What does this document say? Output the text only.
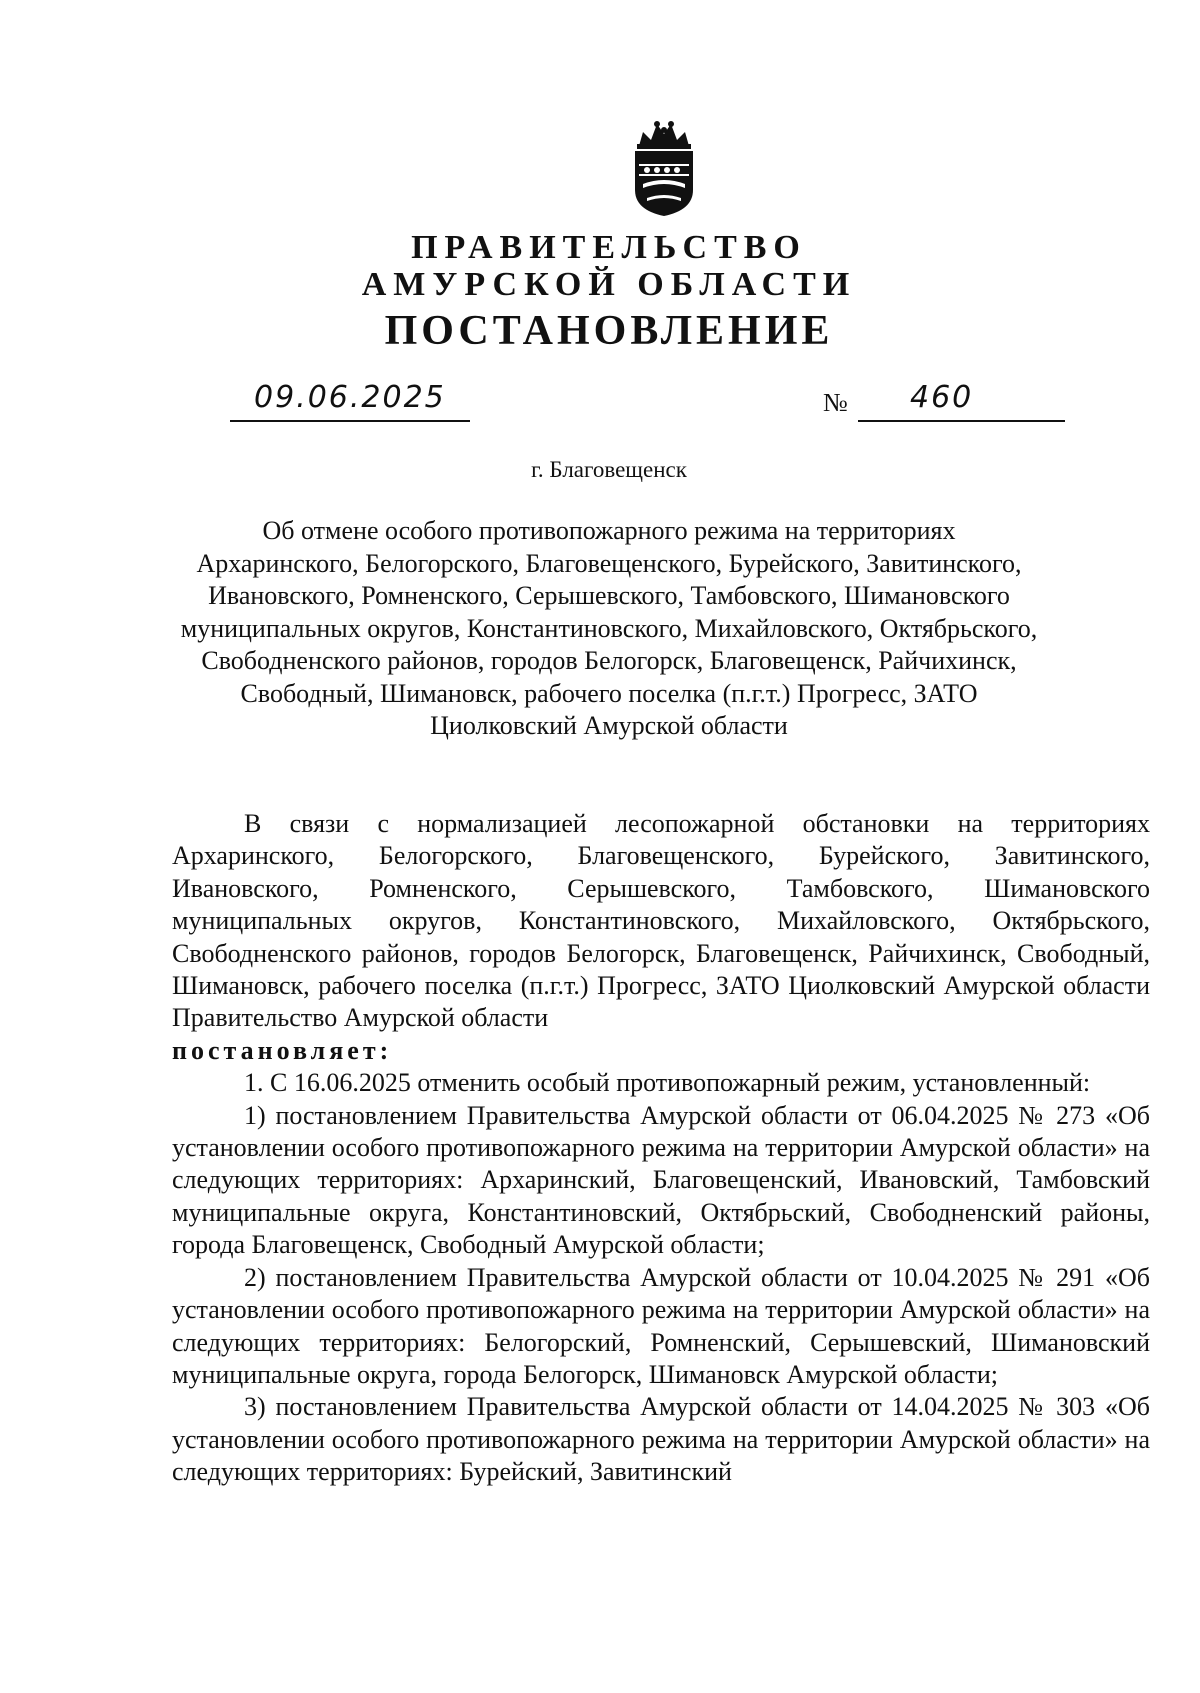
ПРАВИТЕЛЬСТВО
АМУРСКОЙ ОБЛАСТИ
ПОСТАНОВЛЕНИЕ
09.06.2025	№ 460
г. Благовещенск
Об отмене особого противопожарного режима на территориях Архаринского, Белогорского, Благовещенского, Бурейского, Завитинского, Ивановского, Ромненского, Серышевского, Тамбовского, Шимановского муниципальных округов, Константиновского, Михайловского, Октябрьского, Свободненского районов, городов Белогорск, Благовещенск, Райчихинск, Свободный, Шимановск, рабочего поселка (п.г.т.) Прогресс, ЗАТО Циолковский Амурской области

В связи с нормализацией лесопожарной обстановки на территориях Архаринского, Белогорского, Благовещенского, Бурейского, Завитинского, Ивановского, Ромненского, Серышевского, Тамбовского, Шимановского муниципальных округов, Константиновского, Михайловского, Октябрьского, Свободненского районов, городов Белогорск, Благовещенск, Райчихинск, Свободный, Шимановск, рабочего поселка (п.г.т.) Прогресс, ЗАТО Циолковский Амурской области Правительство Амурской области

постановляет:

1. С 16.06.2025 отменить особый противопожарный режим, установленный:

1) постановлением Правительства Амурской области от 06.04.2025 № 273 «Об установлении особого противопожарного режима на территории Амурской области» на следующих территориях: Архаринский, Благовещенский, Ивановский, Тамбовский муниципальные округа, Константиновский, Октябрьский, Свободненский районы, города Благовещенск, Свободный Амурской области;

2) постановлением Правительства Амурской области от 10.04.2025 № 291 «Об установлении особого противопожарного режима на территории Амурской области» на следующих территориях: Белогорский, Ромненский, Серышевский, Шимановский муниципальные округа, города Белогорск, Шимановск Амурской области;

3) постановлением Правительства Амурской области от 14.04.2025 № 303 «Об установлении особого противопожарного режима на территории Амурской области» на следующих территориях: Бурейский, Завитинский
